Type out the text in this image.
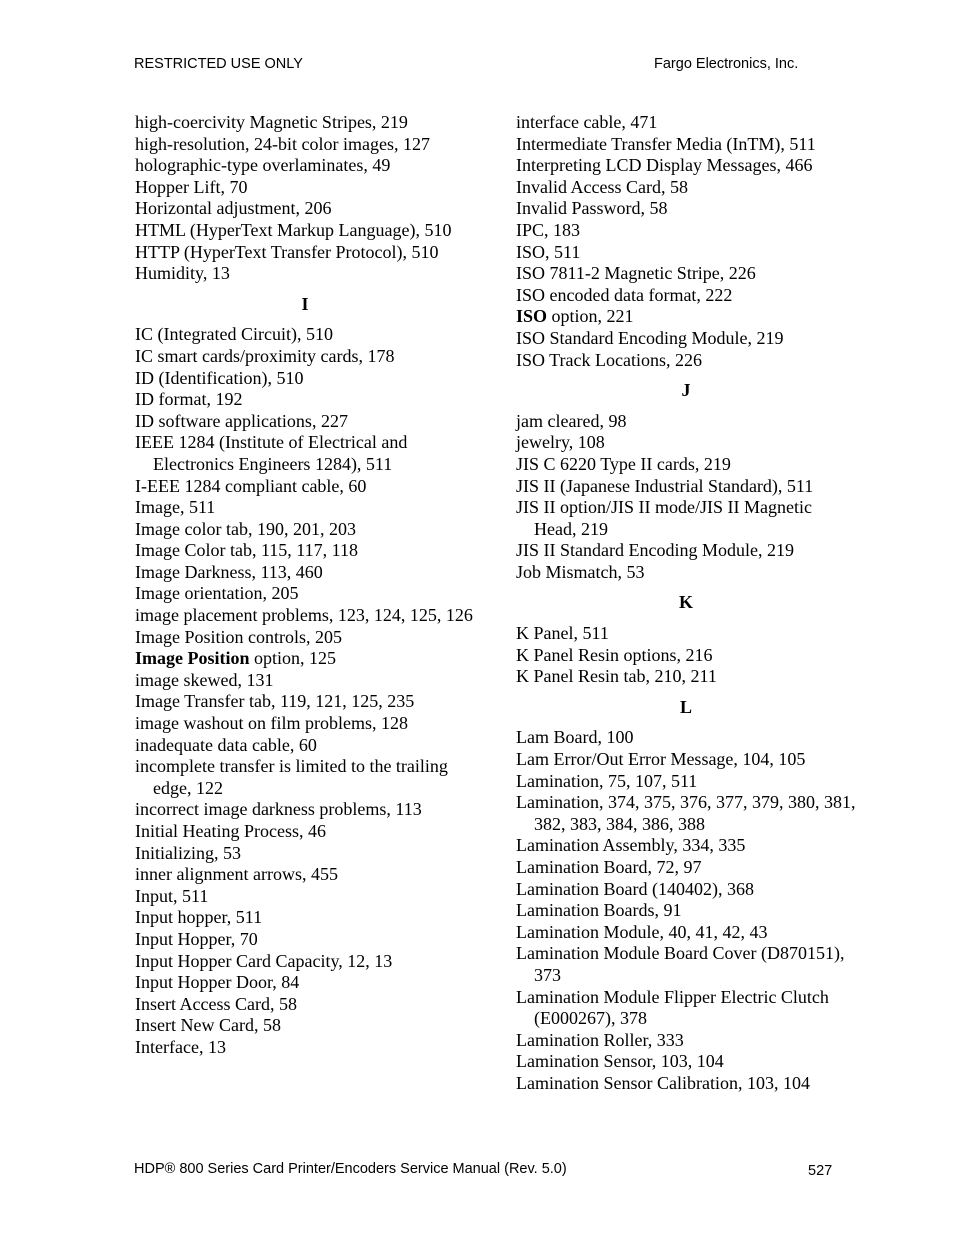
RESTRICTED USE ONLY	Fargo Electronics, Inc.
high-coercivity Magnetic Stripes, 219
high-resolution, 24-bit color images, 127
holographic-type overlaminates, 49
Hopper Lift, 70
Horizontal adjustment, 206
HTML (HyperText Markup Language), 510
HTTP (HyperText Transfer Protocol), 510
Humidity, 13
I
IC (Integrated Circuit), 510
IC smart cards/proximity cards, 178
ID (Identification), 510
ID format, 192
ID software applications, 227
IEEE 1284 (Institute of Electrical and Electronics Engineers 1284), 511
I-EEE 1284 compliant cable, 60
Image, 511
Image color tab, 190, 201, 203
Image Color tab, 115, 117, 118
Image Darkness, 113, 460
Image orientation, 205
image placement problems, 123, 124, 125, 126
Image Position controls, 205
Image Position option, 125
image skewed, 131
Image Transfer tab, 119, 121, 125, 235
image washout on film problems, 128
inadequate data cable, 60
incomplete transfer is limited to the trailing edge, 122
incorrect image darkness problems, 113
Initial Heating Process, 46
Initializing, 53
inner alignment arrows, 455
Input, 511
Input hopper, 511
Input Hopper, 70
Input Hopper Card Capacity, 12, 13
Input Hopper Door, 84
Insert Access Card, 58
Insert New Card, 58
Interface, 13
interface cable, 471
Intermediate Transfer Media (InTM), 511
Interpreting LCD Display Messages, 466
Invalid Access Card, 58
Invalid Password, 58
IPC, 183
ISO, 511
ISO 7811-2 Magnetic Stripe, 226
ISO encoded data format, 222
ISO option, 221
ISO Standard Encoding Module, 219
ISO Track Locations, 226
J
jam cleared, 98
jewelry, 108
JIS C 6220 Type II cards, 219
JIS II (Japanese Industrial Standard), 511
JIS II option/JIS II mode/JIS II Magnetic Head, 219
JIS II Standard Encoding Module, 219
Job Mismatch, 53
K
K Panel, 511
K Panel Resin options, 216
K Panel Resin tab, 210, 211
L
Lam Board, 100
Lam Error/Out Error Message, 104, 105
Lamination, 75, 107, 511
Lamination, 374, 375, 376, 377, 379, 380, 381, 382, 383, 384, 386, 388
Lamination Assembly, 334, 335
Lamination Board, 72, 97
Lamination Board (140402), 368
Lamination Boards, 91
Lamination Module, 40, 41, 42, 43
Lamination Module Board Cover (D870151), 373
Lamination Module Flipper Electric Clutch (E000267), 378
Lamination Roller, 333
Lamination Sensor, 103, 104
Lamination Sensor Calibration, 103, 104
HDP® 800 Series Card Printer/Encoders Service Manual (Rev. 5.0)	527
